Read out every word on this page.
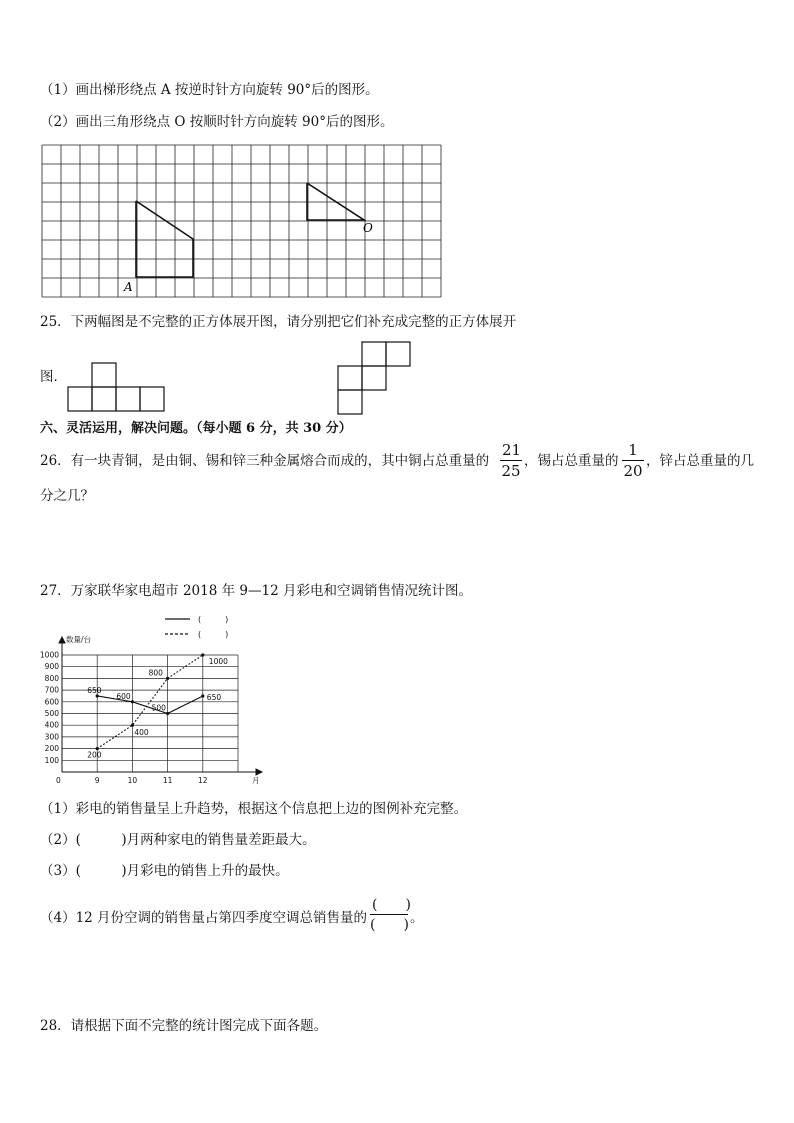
（1）画出梯形绕点 A 按逆时针方向旋转 90°后的图形。
（2）画出三角形绕点 O 按顺时针方向旋转 90°后的图形。
A
O
25．下两幅图是不完整的正方体展开图，请分别把它们补充成完整的正方体展开
图．
六、灵活运用，解决问题。（每小题 6 分，共 30 分）
26．有一块青铜，是由铜、锡和锌三种金属熔合而成的，其中铜占总重量的
21
25
，锡占总重量的
1
20
，锌占总重量的几
分之几？
27．万家联华家电超市 2018 年 9—12 月彩电和空调销售情况统计图。
100
200
300
400
500
600
700
800
900
1000
数量/台
月
0	9	10	11	12
650
600
500
650
200
400
800
1000
(　　　)
(　　　)
（1）彩电的销售量呈上升趋势，根据这个信息把上边的图例补充完整。
（2）(　　　)月两种家电的销售量差距最大。
（3）(　　　)月彩电的销售上升的最快。
（4）12 月份空调的销售量占第四季度空调总销售量的
(　　)
(　　) 。
28．请根据下面不完整的统计图完成下面各题。
